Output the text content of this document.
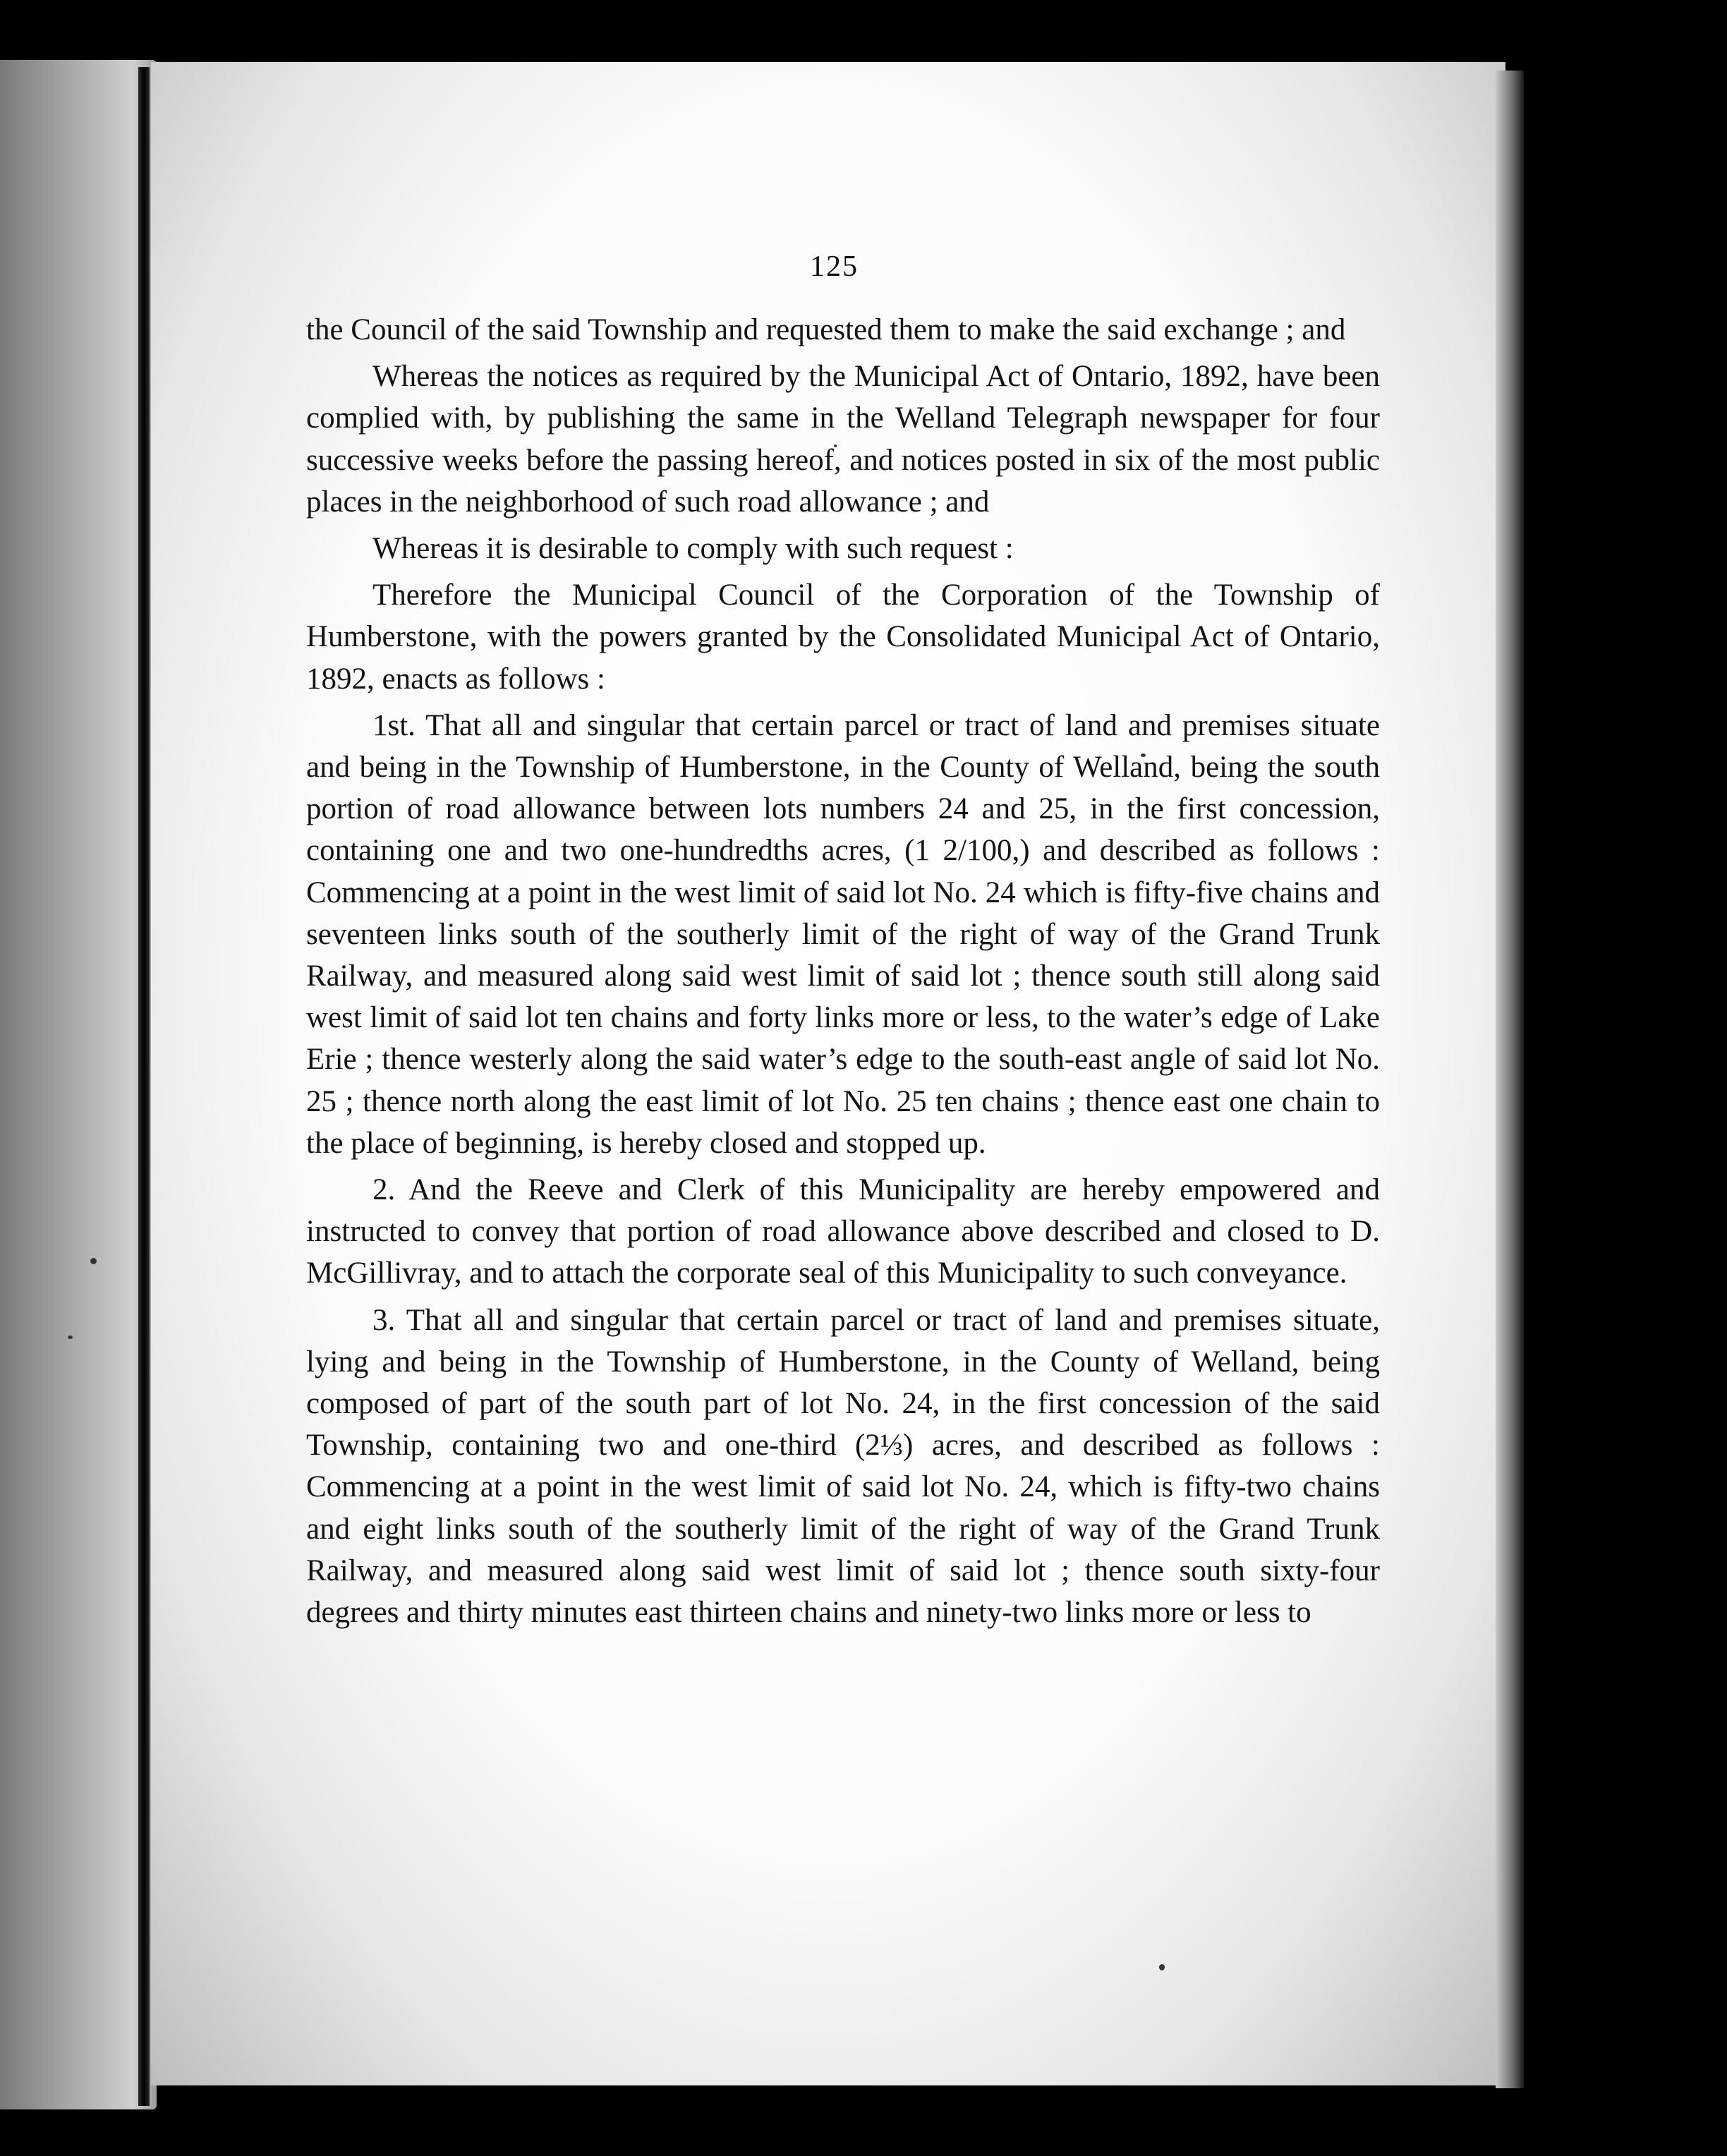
125

the Council of the said Township and requested them to make the said exchange ; and

Whereas the notices as required by the Municipal Act of Ontario, 1892, have been complied with, by publishing the same in the Welland Telegraph newspaper for four successive weeks before the passing hereof, and notices posted in six of the most public places in the neighborhood of such road allowance ; and

Whereas it is desirable to comply with such request :

Therefore the Municipal Council of the Corporation of the Township of Humberstone, with the powers granted by the Consolidated Municipal Act of Ontario, 1892, enacts as follows :

1st. That all and singular that certain parcel or tract of land and premises situate and being in the Township of Humberstone, in the County of Welland, being the south portion of road allowance between lots numbers 24 and 25, in the first concession, containing one and two one-hundredths acres, (1 2/100,) and described as follows : Commencing at a point in the west limit of said lot No. 24 which is fifty-five chains and seventeen links south of the southerly limit of the right of way of the Grand Trunk Railway, and measured along said west limit of said lot ; thence south still along said west limit of said lot ten chains and forty links more or less, to the water’s edge of Lake Erie ; thence westerly along the said water’s edge to the south-east angle of said lot No. 25 ; thence north along the east limit of lot No. 25 ten chains ; thence east one chain to the place of beginning, is hereby closed and stopped up.

2. And the Reeve and Clerk of this Municipality are hereby empowered and instructed to convey that portion of road allowance above described and closed to D. McGillivray, and to attach the corporate seal of this Municipality to such conveyance.

3. That all and singular that certain parcel or tract of land and premises situate, lying and being in the Township of Humberstone, in the County of Welland, being composed of part of the south part of lot No. 24, in the first concession of the said Township, containing two and one-third (2⅓) acres, and described as follows : Commencing at a point in the west limit of said lot No. 24, which is fifty-two chains and eight links south of the southerly limit of the right of way of the Grand Trunk Railway, and measured along said west limit of said lot ; thence south sixty-four degrees and thirty minutes east thirteen chains and ninety-two links more or less to
